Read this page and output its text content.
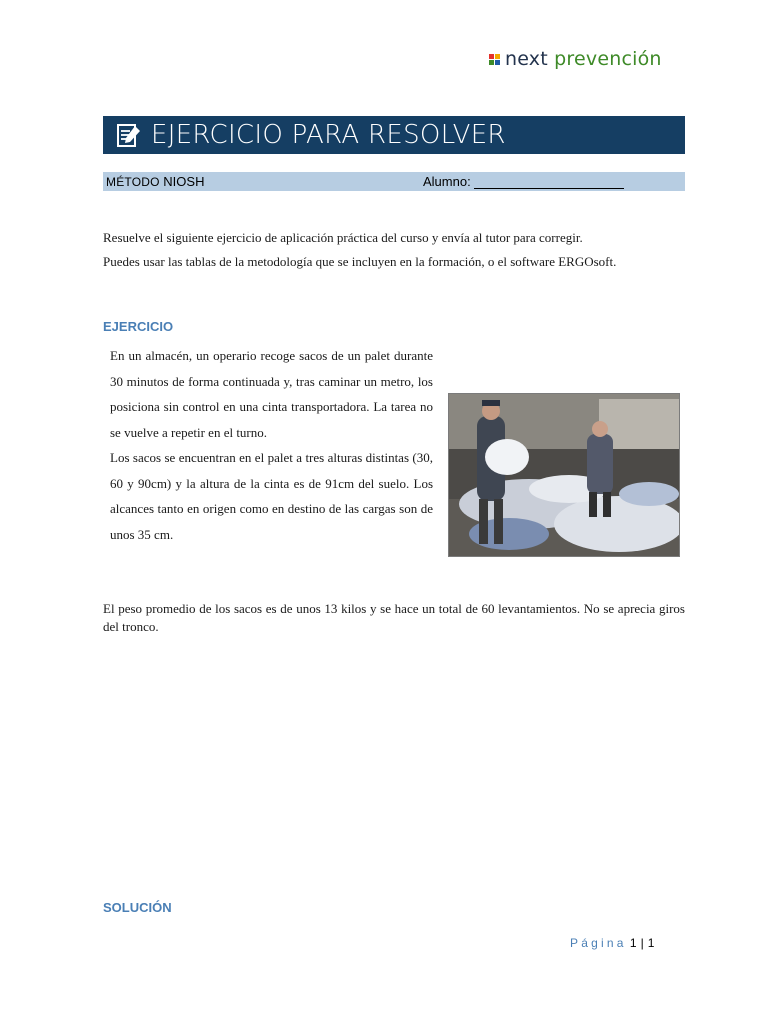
next prevención
EJERCICIO PARA RESOLVER
MÉTODO NIOSH	Alumno:
Resuelve el siguiente ejercicio de aplicación práctica del curso y envía al tutor para corregir.
Puedes usar las tablas de la metodología que se incluyen en la formación, o el software ERGOsoft.
EJERCICIO
En un almacén, un operario recoge sacos de un palet durante 30 minutos de forma continuada y, tras caminar un metro, los posiciona sin control en una cinta transportadora. La tarea no se vuelve a repetir en el turno.
Los sacos se encuentran en el palet a tres alturas distintas (30, 60 y 90cm) y la altura de la cinta es de 91cm del suelo. Los alcances tanto en origen como en destino de las cargas son de unos 35 cm.
El peso promedio de los sacos es de unos 13 kilos y se hace un total de 60 levantamientos. No se aprecia giros del tronco.
SOLUCIÓN
Página 1 | 1
